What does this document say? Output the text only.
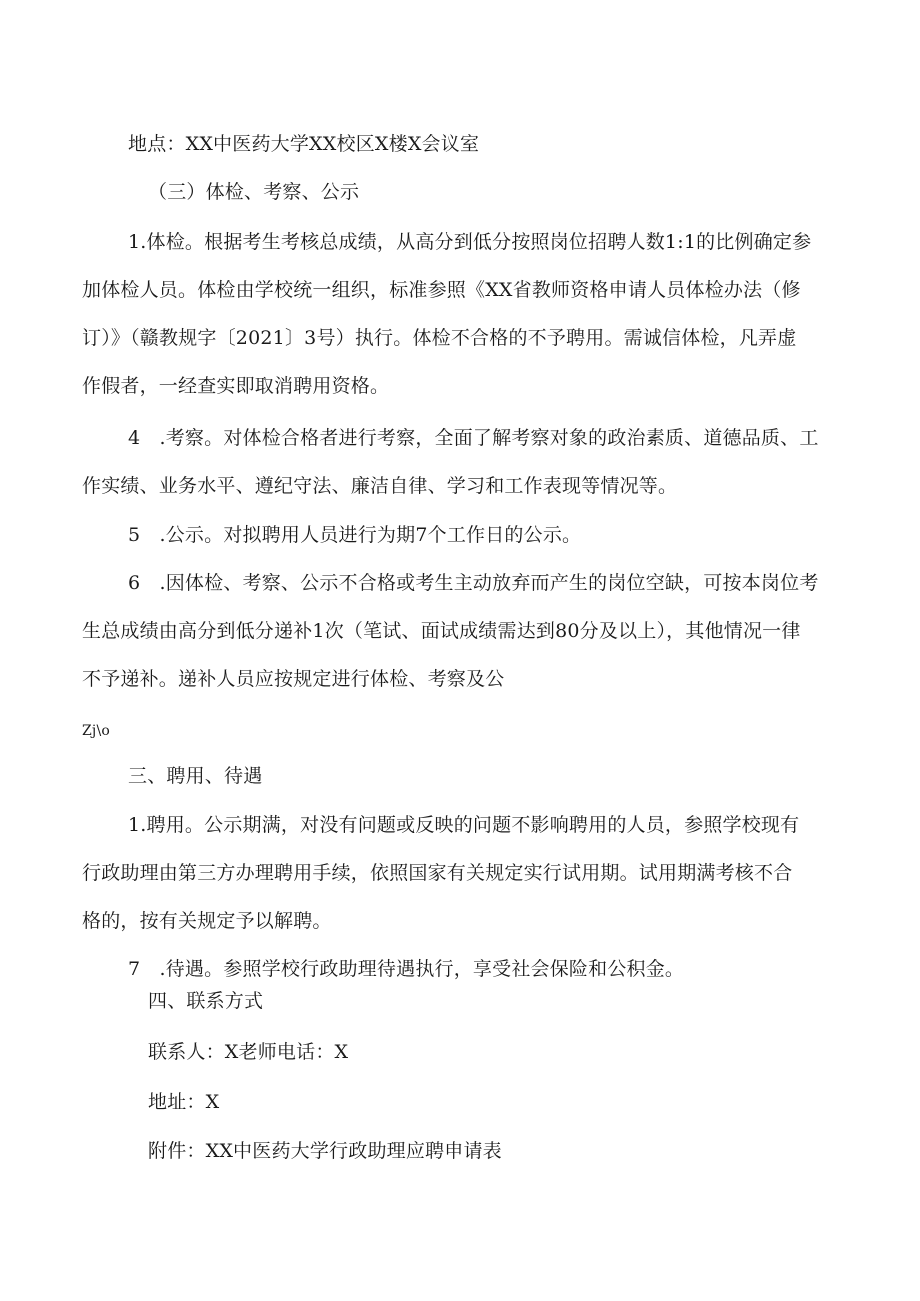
地点：XX中医药大学XX校区X楼X会议室
（三）体检、考察、公示
1.体检。根据考生考核总成绩，从高分到低分按照岗位招聘人数1:1的比例确定参
加体检人员。体检由学校统一组织，标准参照《XX省教师资格申请人员体检办法（修
订）》（赣教规字〔2021〕3号）执行。体检不合格的不予聘用。需诚信体检，凡弄虚
作假者，一经查实即取消聘用资格。
4　.考察。对体检合格者进行考察，全面了解考察对象的政治素质、道德品质、工
作实绩、业务水平、遵纪守法、廉洁自律、学习和工作表现等情况等。
5　.公示。对拟聘用人员进行为期7个工作日的公示。
6　.因体检、考察、公示不合格或考生主动放弃而产生的岗位空缺，可按本岗位考
生总成绩由高分到低分递补1次（笔试、面试成绩需达到80分及以上），其他情况一律
不予递补。递补人员应按规定进行体检、考察及公
Zj\o
三、聘用、待遇
1.聘用。公示期满，对没有问题或反映的问题不影响聘用的人员，参照学校现有
行政助理由第三方办理聘用手续，依照国家有关规定实行试用期。试用期满考核不合
格的，按有关规定予以解聘。
7　.待遇。参照学校行政助理待遇执行，享受社会保险和公积金。
四、联系方式
联系人：X老师电话：X
地址：X
附件：XX中医药大学行政助理应聘申请表
